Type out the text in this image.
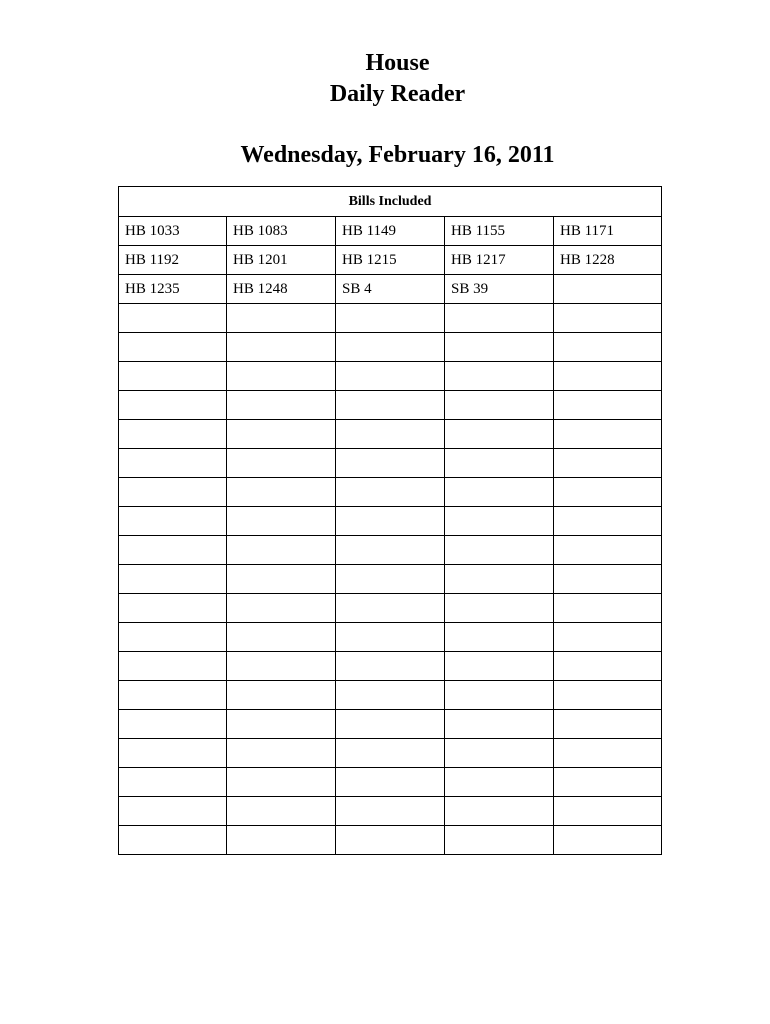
House
Daily Reader
Wednesday, February 16, 2011
Bills Included				
HB 1033	HB 1083	HB 1149	HB 1155	HB 1171
HB 1192	HB 1201	HB 1215	HB 1217	HB 1228
HB 1235	HB 1248	SB 4	SB 39	
